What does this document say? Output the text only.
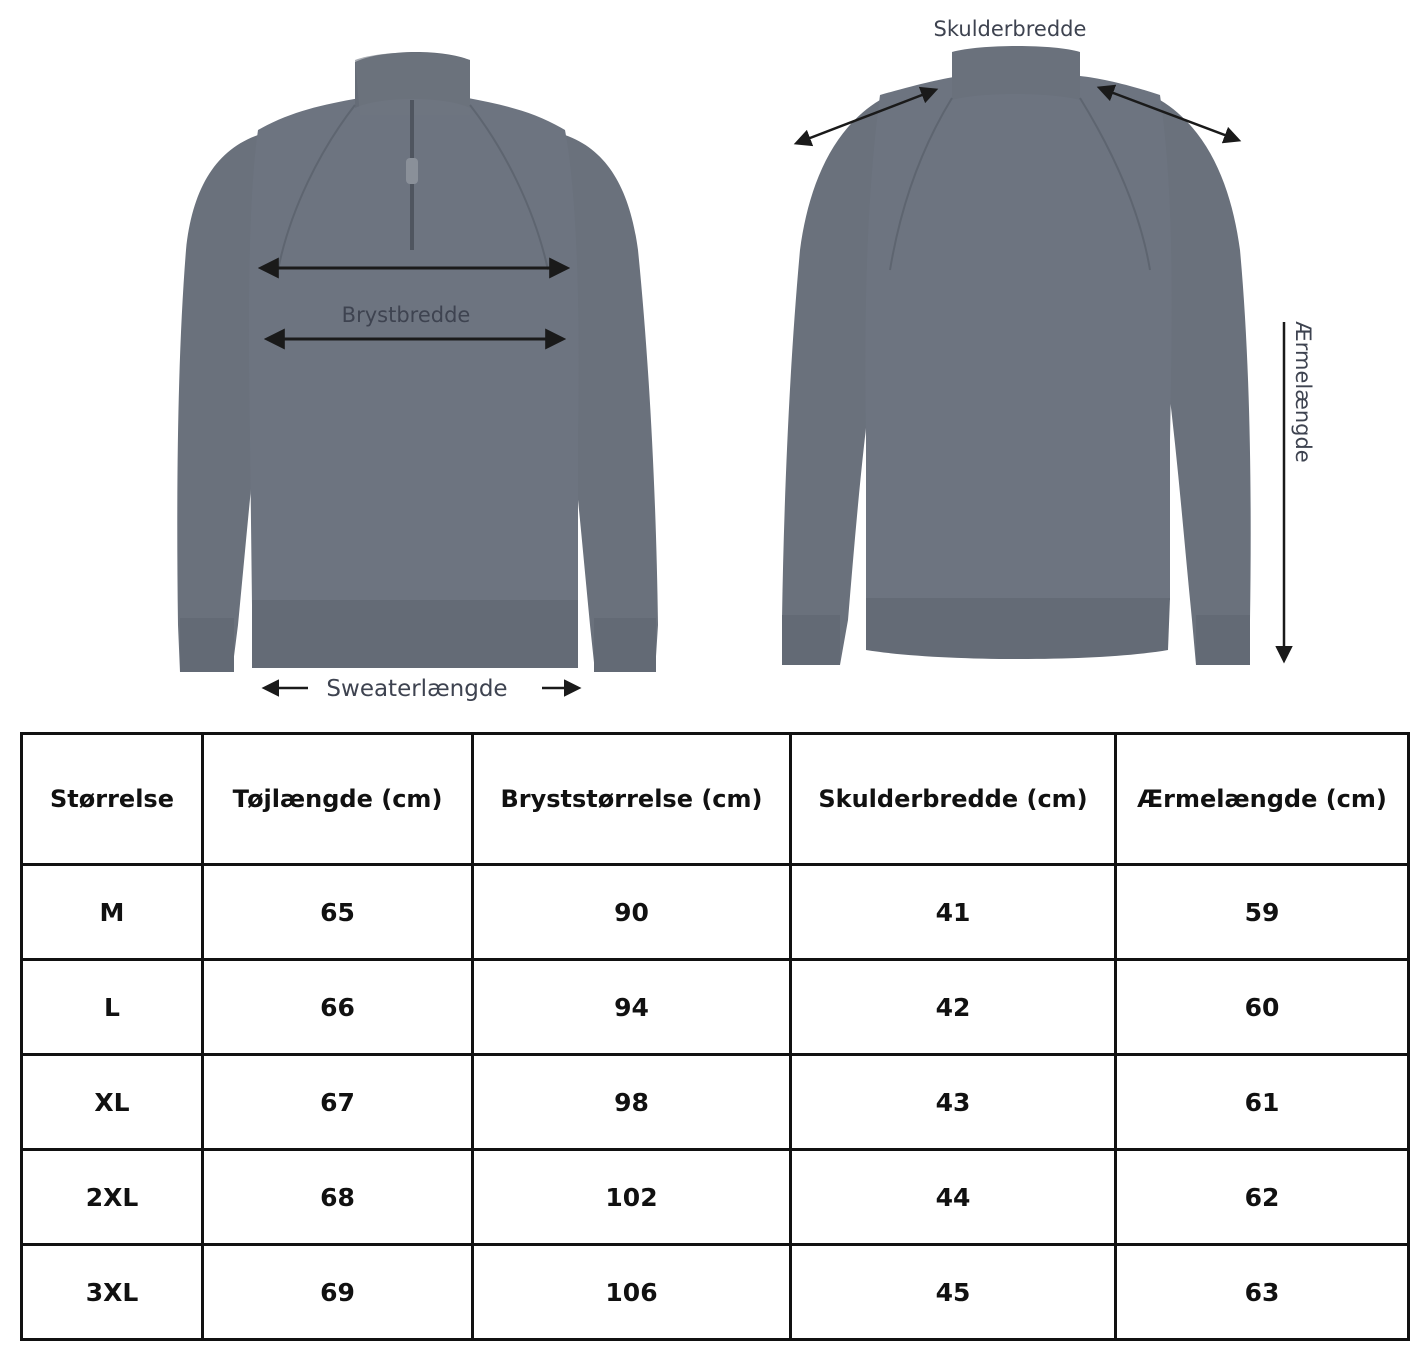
Brystbredde
Sweaterlængde
Skulderbredde
Ærmelængde
Størrelse	Tøjlængde (cm)	Bryststørrelse (cm)	Skulderbredde (cm)	Ærmelængde (cm)
M	65	90	41	59
L	66	94	42	60
XL	67	98	43	61
2XL	68	102	44	62
3XL	69	106	45	63
